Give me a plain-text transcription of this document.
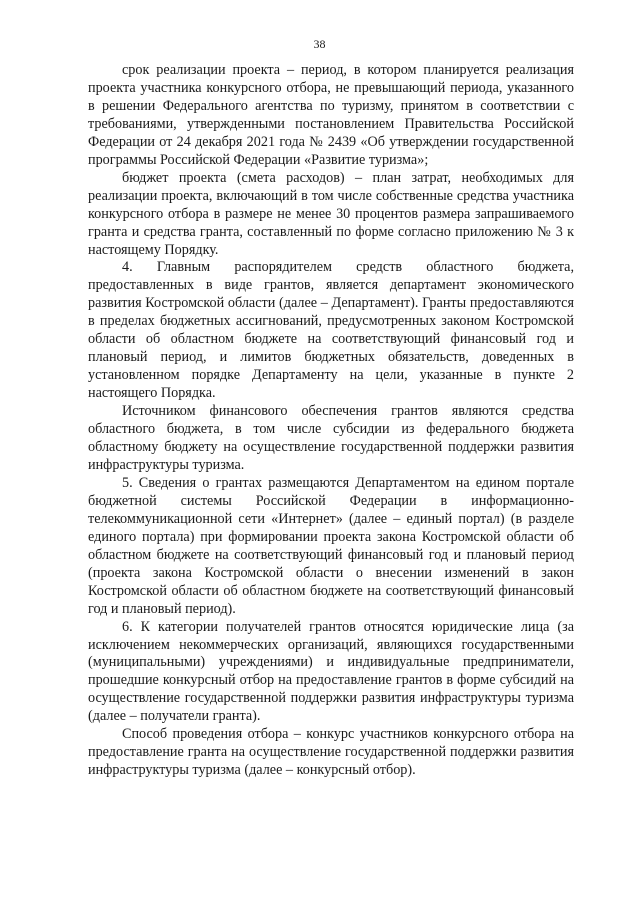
38

срок реализации проекта – период, в котором планируется реализация проекта участника конкурсного отбора, не превышающий периода, указанного в решении Федерального агентства по туризму, принятом в соответствии с требованиями, утвержденными постановлением Правительства Российской Федерации от 24 декабря 2021 года № 2439 «Об утверждении государственной программы Российской Федерации «Развитие туризма»;

бюджет проекта (смета расходов) – план затрат, необходимых для реализации проекта, включающий в том числе собственные средства участника конкурсного отбора в размере не менее 30 процентов размера запрашиваемого гранта и средства гранта, составленный по форме согласно приложению № 3 к настоящему Порядку.

4. Главным распорядителем средств областного бюджета, предоставленных в виде грантов, является департамент экономического развития Костромской области (далее – Департамент). Гранты предоставляются в пределах бюджетных ассигнований, предусмотренных законом Костромской области об областном бюджете на соответствующий финансовый год и плановый период, и лимитов бюджетных обязательств, доведенных в установленном порядке Департаменту на цели, указанные в пункте 2 настоящего Порядка.

Источником финансового обеспечения грантов являются средства областного бюджета, в том числе субсидии из федерального бюджета областному бюджету на осуществление государственной поддержки развития инфраструктуры туризма.

5. Сведения о грантах размещаются Департаментом на едином портале бюджетной системы Российской Федерации в информационно-телекоммуникационной сети «Интернет» (далее – единый портал) (в разделе единого портала) при формировании проекта закона Костромской области об областном бюджете на соответствующий финансовый год и плановый период (проекта закона Костромской области о внесении изменений в закон Костромской области об областном бюджете на соответствующий финансовый год и плановый период).

6. К категории получателей грантов относятся юридические лица (за исключением некоммерческих организаций, являющихся государственными (муниципальными) учреждениями) и индивидуальные предприниматели, прошедшие конкурсный отбор на предоставление грантов в форме субсидий на осуществление государственной поддержки развития инфраструктуры туризма (далее – получатели гранта).

Способ проведения отбора – конкурс участников конкурсного отбора на предоставление гранта на осуществление государственной поддержки развития инфраструктуры туризма (далее – конкурсный отбор).
